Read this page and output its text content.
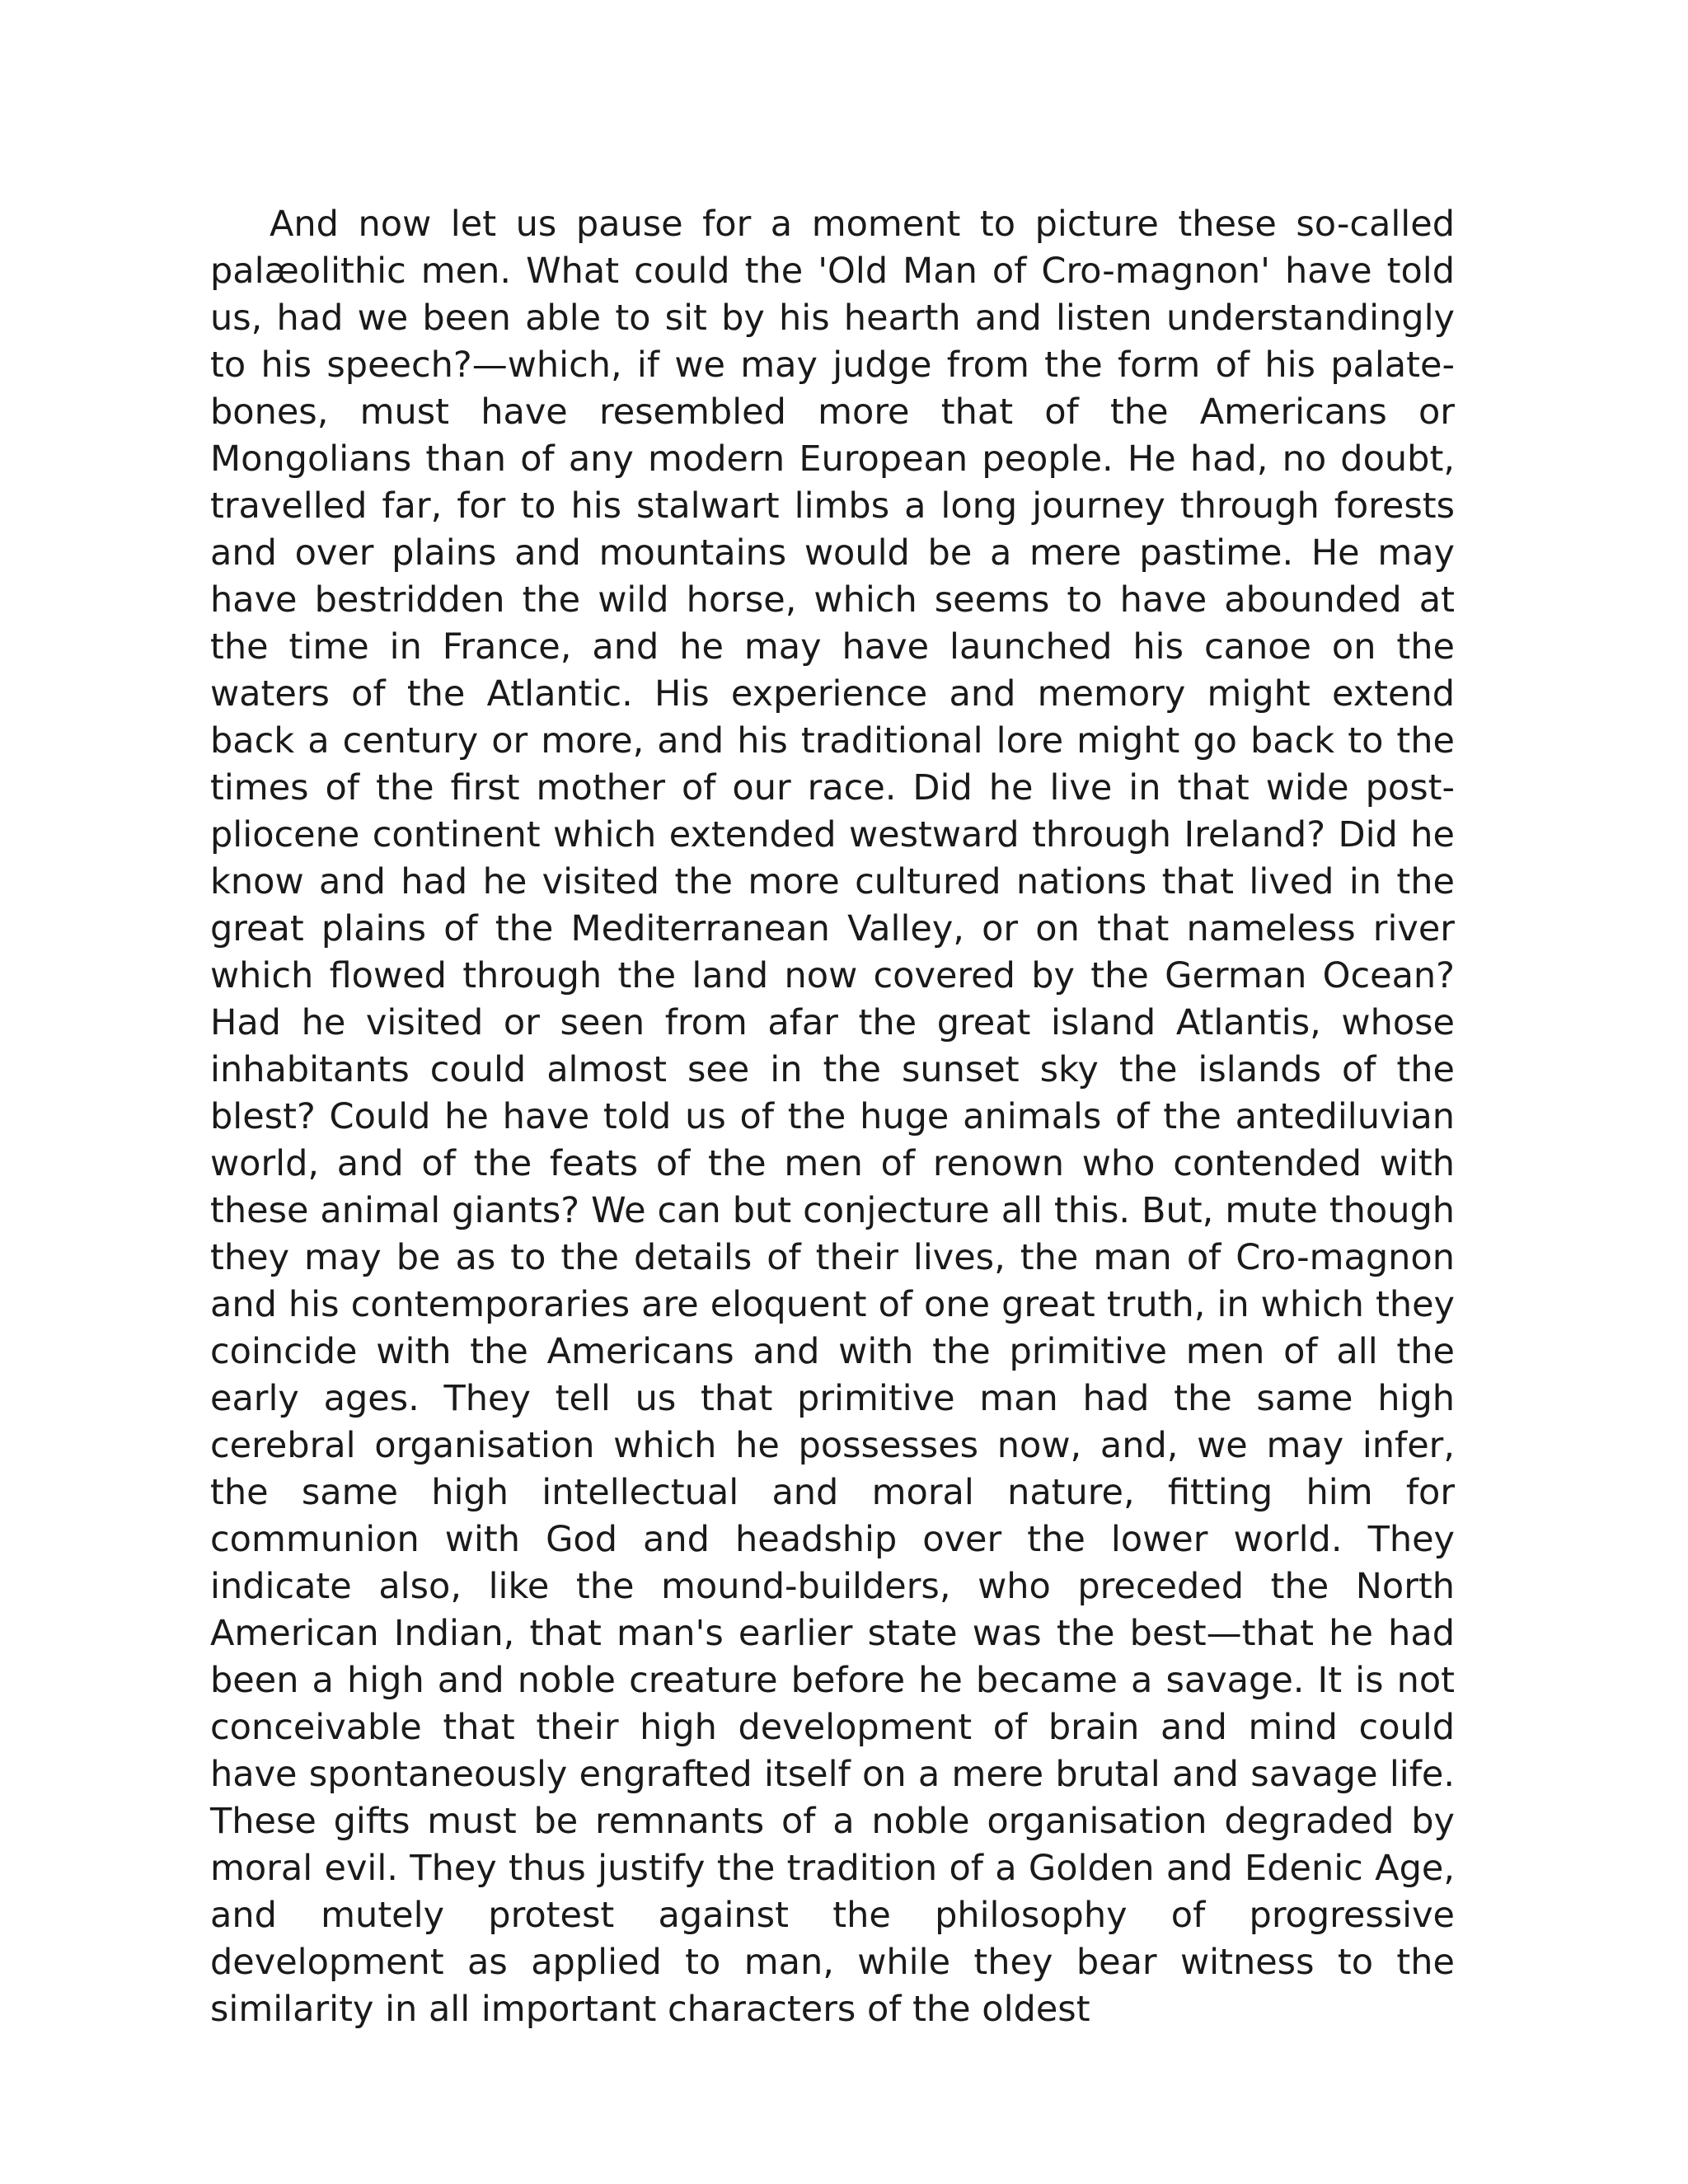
And now let us pause for a moment to picture these so-called palæolithic men. What could the 'Old Man of Cro-magnon' have told us, had we been able to sit by his hearth and listen understandingly to his speech?—which, if we may judge from the form of his palate-bones, must have resembled more that of the Americans or Mongolians than of any modern European people. He had, no doubt, travelled far, for to his stalwart limbs a long journey through forests and over plains and mountains would be a mere pastime. He may have bestridden the wild horse, which seems to have abounded at the time in France, and he may have launched his canoe on the waters of the Atlantic. His experience and memory might extend back a century or more, and his traditional lore might go back to the times of the first mother of our race. Did he live in that wide post-pliocene continent which extended westward through Ireland? Did he know and had he visited the more cultured nations that lived in the great plains of the Mediterranean Valley, or on that nameless river which flowed through the land now covered by the German Ocean? Had he visited or seen from afar the great island Atlantis, whose inhabitants could almost see in the sunset sky the islands of the blest? Could he have told us of the huge animals of the antediluvian world, and of the feats of the men of renown who contended with these animal giants? We can but conjecture all this. But, mute though they may be as to the details of their lives, the man of Cro-magnon and his contemporaries are eloquent of one great truth, in which they coincide with the Americans and with the primitive men of all the early ages. They tell us that primitive man had the same high cerebral organisation which he possesses now, and, we may infer, the same high intellectual and moral nature, fitting him for communion with God and headship over the lower world. They indicate also, like the mound-builders, who preceded the North American Indian, that man's earlier state was the best—that he had been a high and noble creature before he became a savage. It is not conceivable that their high development of brain and mind could have spontaneously engrafted itself on a mere brutal and savage life. These gifts must be remnants of a noble organisation degraded by moral evil. They thus justify the tradition of a Golden and Edenic Age, and mutely protest against the philosophy of progressive development as applied to man, while they bear witness to the similarity in all important characters of the oldest
